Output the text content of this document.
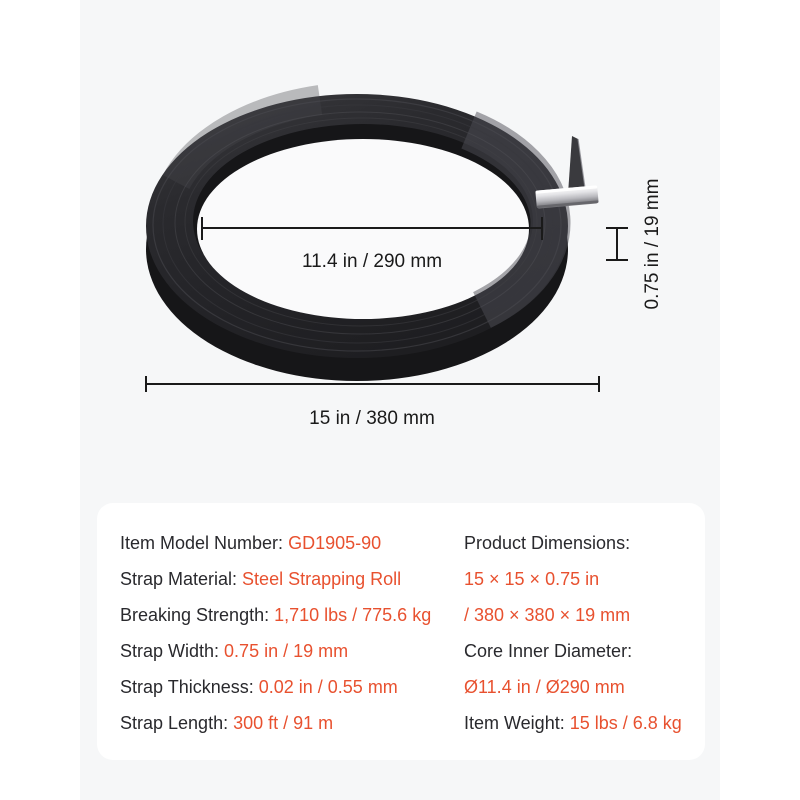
11.4 in / 290 mm	0.75 in / 19 mm
15 in / 380 mm
Item Model Number: GD1905-90
Strap Material: Steel Strapping Roll
Breaking Strength: 1,710 lbs / 775.6 kg
Strap Width: 0.75 in / 19 mm
Strap Thickness: 0.02 in / 0.55 mm
Strap Length: 300 ft / 91 m
Product Dimensions:
15 × 15 × 0.75 in
/ 380 × 380 × 19 mm
Core Inner Diameter:
Ø11.4 in / Ø290 mm
Item Weight: 15 lbs / 6.8 kg
